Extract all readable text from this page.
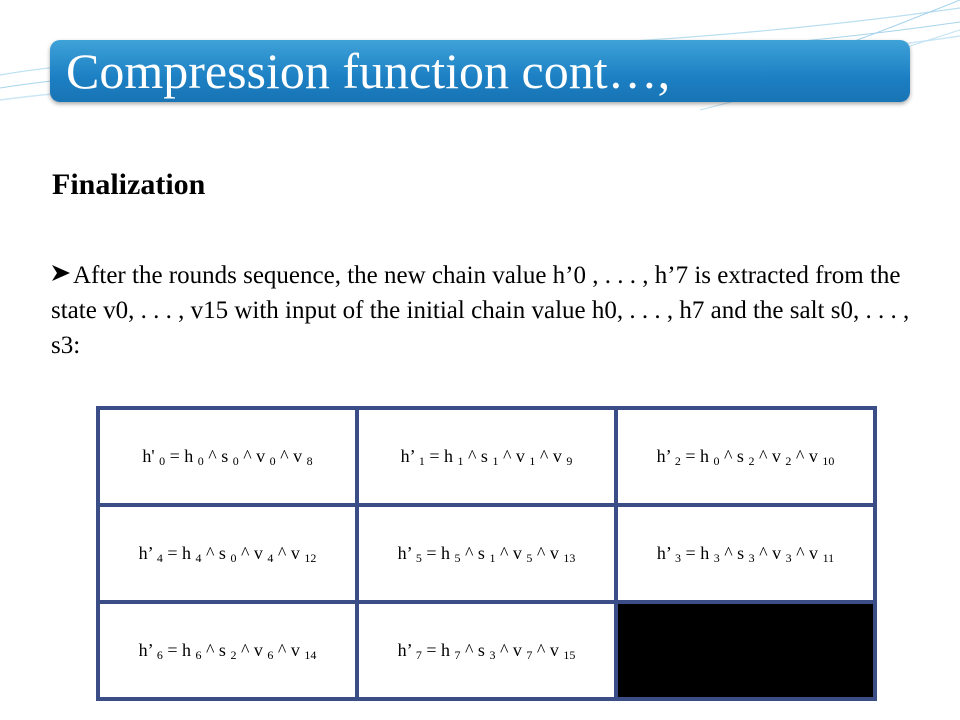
Compression function cont…,
Finalization
After the rounds sequence, the new chain value h’0 , . . . , h’7 is extracted from the state v0, . . . , v15 with input of the initial chain value h0, . . . , h7 and the salt s0, . . . , s3:
h' $_0$ = h $_0$ ^ s $_0$ ^ v $_0$ ^ v $_8$	h’ $_1$ = h $_1$ ^ s $_1$ ^ v $_1$ ^ v $_9$	h’ $_2$ = h $_0$ ^ s $_2$ ^ v $_2$ ^ v $_{10}$
h’ $_4$ = h $_4$ ^ s $_0$ ^ v $_4$ ^ v $_{12}$	h’ $_5$ = h $_5$ ^ s $_1$ ^ v $_5$ ^ v $_{13}$	h’ $_3$ = h $_3$ ^ s $_3$ ^ v $_3$ ^ v $_{11}$
h’ $_6$ = h $_6$ ^ s $_2$ ^ v $_6$ ^ v $_{14}$	h’ $_7$ = h $_7$ ^ s $_3$ ^ v $_7$ ^ v $_{15}$	
